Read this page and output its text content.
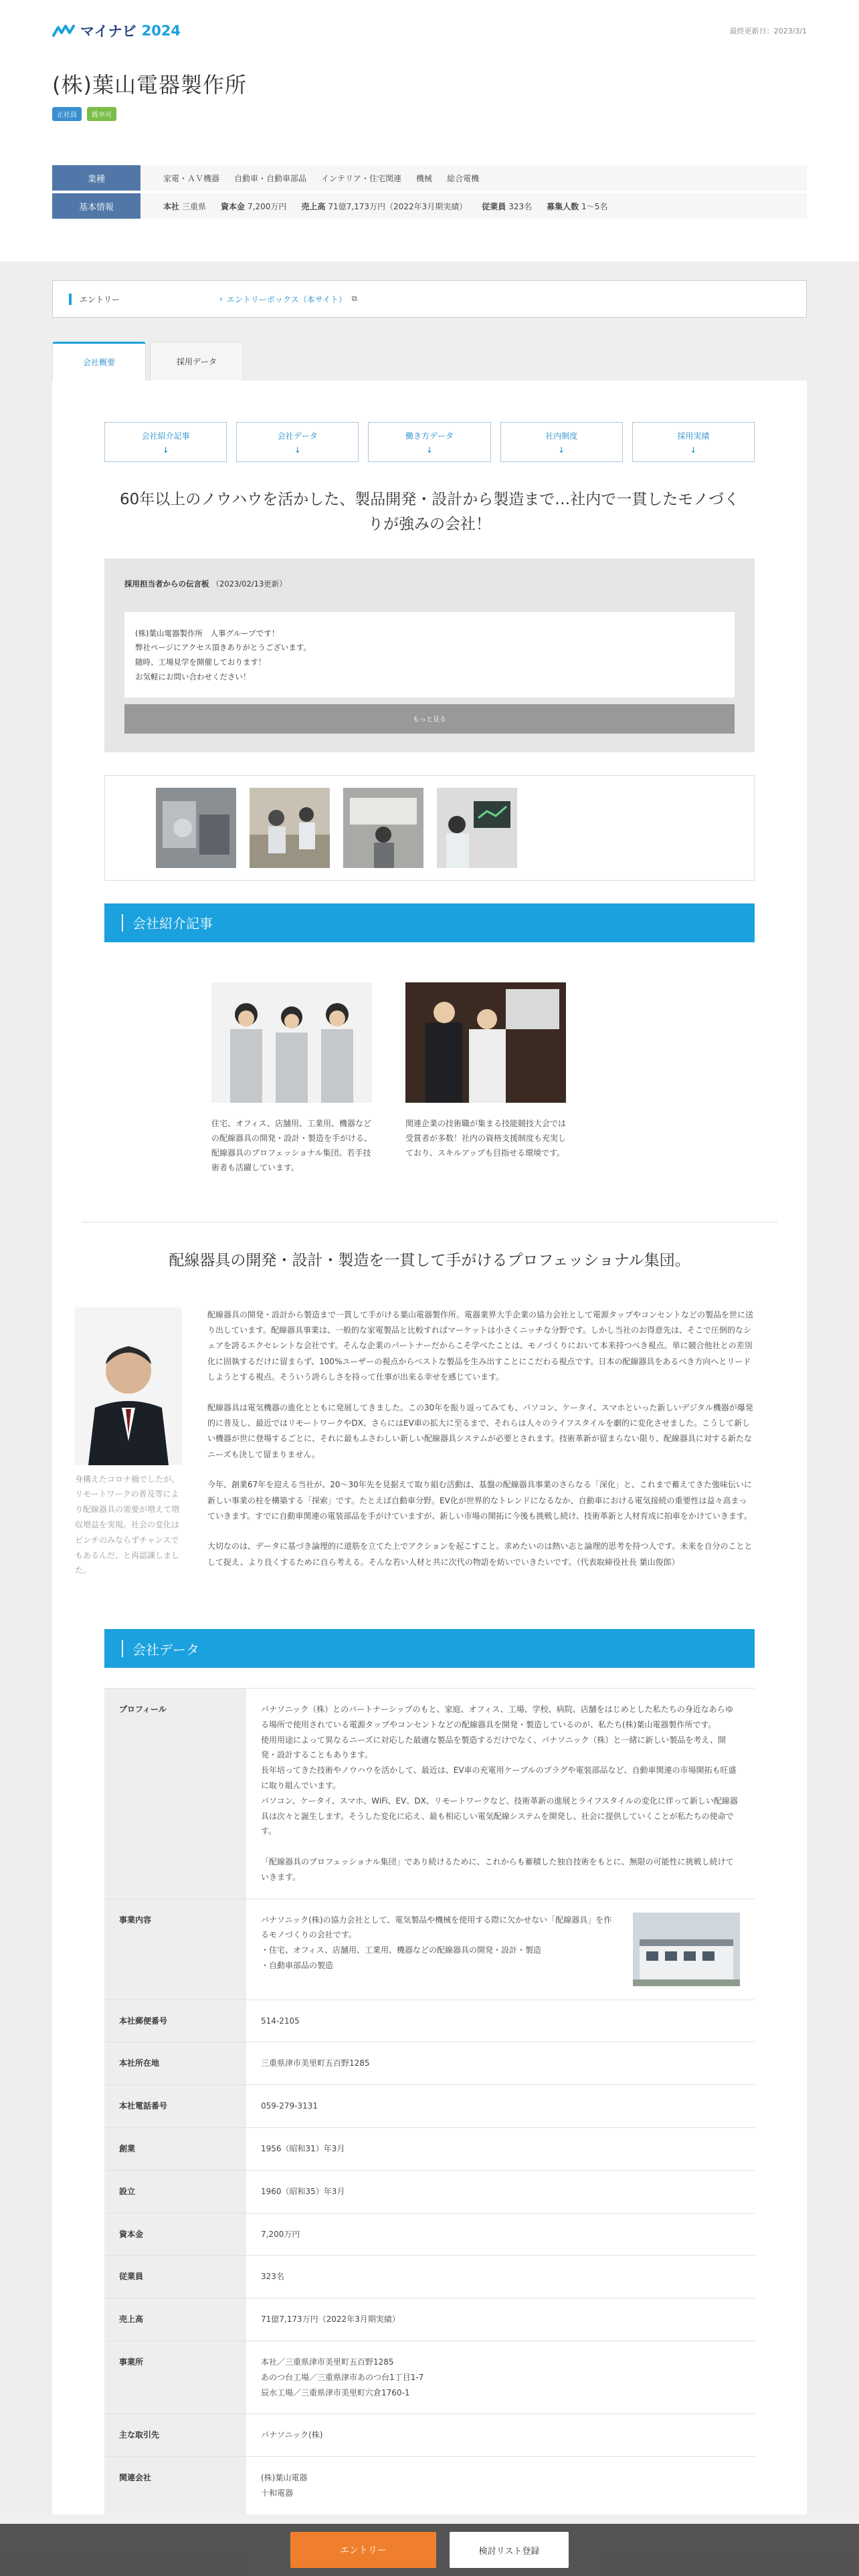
マイナビ 2024	最終更新日：2023/3/1
(株)葉山電器製作所
正社員	既卒可
業種	家電・ＡＶ機器 自動車・自動車部品 インテリア・住宅関連 機械 総合電機
基本情報	本社 三重県 資本金 7,200万円 売上高 71億7,173万円（2022年3月期実績） 従業員 323名 募集人数 1～5名
エントリー	› エントリーボックス（本サイト） ⧉
会社概要	採用データ
会社紹介記事
↓
会社データ
↓
働き方データ
↓
社内制度
↓
採用実績
↓
60年以上のノウハウを活かした、製品開発・設計から製造まで…社内で一貫したモノづくりが強みの会社！
採用担当者からの伝言板 （2023/02/13更新）
(株)葉山電器製作所　人事グループです！
弊社ページにアクセス頂きありがとうございます。
随時、工場見学を開催しております！
お気軽にお問い合わせください！
もっと見る
会社紹介記事

住宅、オフィス、店舗用、工業用、機器などの配線器具の開発・設計・製造を手がける、配線器具のプロフェッショナル集団。若手技術者も活躍しています。

関連企業の技術職が集まる技能競技大会では受賞者が多数！社内の資格支援制度も充実しており、スキルアップも目指せる環境です。

配線器具の開発・設計・製造を一貫して手がけるプロフェッショナル集団。

身構えたコロナ禍でしたが、リモートワークの普及等により配線器具の需要が増えて増収増益を実現。社会の変化はピンチのみならずチャンスでもあるんだ、と再認識しました。

配線器具の開発・設計から製造まで一貫して手がける葉山電器製作所。電器業界大手企業の協力会社として電源タップやコンセントなどの製品を世に送り出しています。配線器具事業は、一般的な家電製品と比較すればマーケットは小さくニッチな分野です。しかし当社のお得意先は、そこで圧倒的なシェアを誇るエクセレントな会社です。そんな企業のパートナーだからこそ学べたことは、モノづくりにおいて本来持つべき視点。単に競合他社との差別化に固執するだけに留まらず、100%ユーザーの視点からベストな製品を生み出すことにこだわる視点です。日本の配線器具をあるべき方向へとリードしようとする視点。そういう誇らしさを持って仕事が出来る幸せを感じています。

配線器具は電気機器の進化とともに発展してきました。この30年を振り返ってみても、パソコン、ケータイ、スマホといった新しいデジタル機器が爆発的に普及し、最近ではリモートワークやDX、さらにはEV車の拡大に至るまで、それらは人々のライフスタイルを劇的に変化させました。こうして新しい機器が世に登場するごとに、それに最もふさわしい新しい配線器具システムが必要とされます。技術革新が留まらない限り、配線器具に対する新たなニーズも決して留まりません。

今年、創業67年を迎える当社が、20～30年先を見据えて取り組む活動は、基盤の配線器具事業のさらなる「深化」と、これまで蓄えてきた強味伝いに新しい事業の柱を構築する「探索」です。たとえば自動車分野。EV化が世界的なトレンドになるなか、自動車における電気接続の重要性は益々高まっていきます。すでに自動車関連の電装部品を手がけていますが、新しい市場の開拓に今後も挑戦し続け、技術革新と人材育成に拍車をかけていきます。

大切なのは、データに基づき論理的に道筋を立てた上でアクションを起こすこと。求めたいのは熱い志と論理的思考を持つ人です。未来を自分のこととして捉え、より良くするために自ら考える。そんな若い人材と共に次代の物語を紡いでいきたいです。（代表取締役社長 葉山俊郎）

会社データ
プロフィール	パナソニック（株）とのパートナーシップのもと、家庭、オフィス、工場、学校、病院、店舗をはじめとした私たちの身近なあらゆる場所で使用されている電源タップやコンセントなどの配線器具を開発・製造しているのが、私たち(株)葉山電器製作所です。
使用用途によって異なるニーズに対応した最適な製品を製造するだけでなく、パナソニック（株）と一緒に新しい製品を考え、開発・設計することもあります。
長年培ってきた技術やノウハウを活かして、最近は、EV車の充電用ケーブルのプラグや電装部品など、自動車関連の市場開拓も旺盛に取り組んでいます。
パソコン、ケータイ、スマホ、WiFi、EV、DX、リモートワークなど、技術革新の進展とライフスタイルの変化に伴って新しい配線器具は次々と誕生します。そうした変化に応え、最も相応しい電気配線システムを開発し、社会に提供していくことが私たちの使命です。

「配線器具のプロフェッショナル集団」であり続けるために、これからも蓄積した独自技術をもとに、無限の可能性に挑戦し続けていきます。
事業内容	パナソニック(株)の協力会社として、電気製品や機械を使用する際に欠かせない「配線器具」を作るモノづくりの会社です。
・住宅、オフィス、店舗用、工業用、機器などの配線器具の開発・設計・製造
・自動車部品の製造

本社郵便番号	514-2105
本社所在地	三重県津市美里町五百野1285
本社電話番号	059-279-3131
創業	1956（昭和31）年3月
設立	1960（昭和35）年3月
資本金	7,200万円
従業員	323名
売上高	71億7,173万円（2022年3月期実績）
事業所	本社／三重県津市美里町五百野1285
あのつ台工場／三重県津市あのつ台1丁目1-7
辰水工場／三重県津市美里町穴倉1760-1
主な取引先	パナソニック(株)
関連会社	(株)葉山電器
十和電器
エントリー	検討リスト登録
